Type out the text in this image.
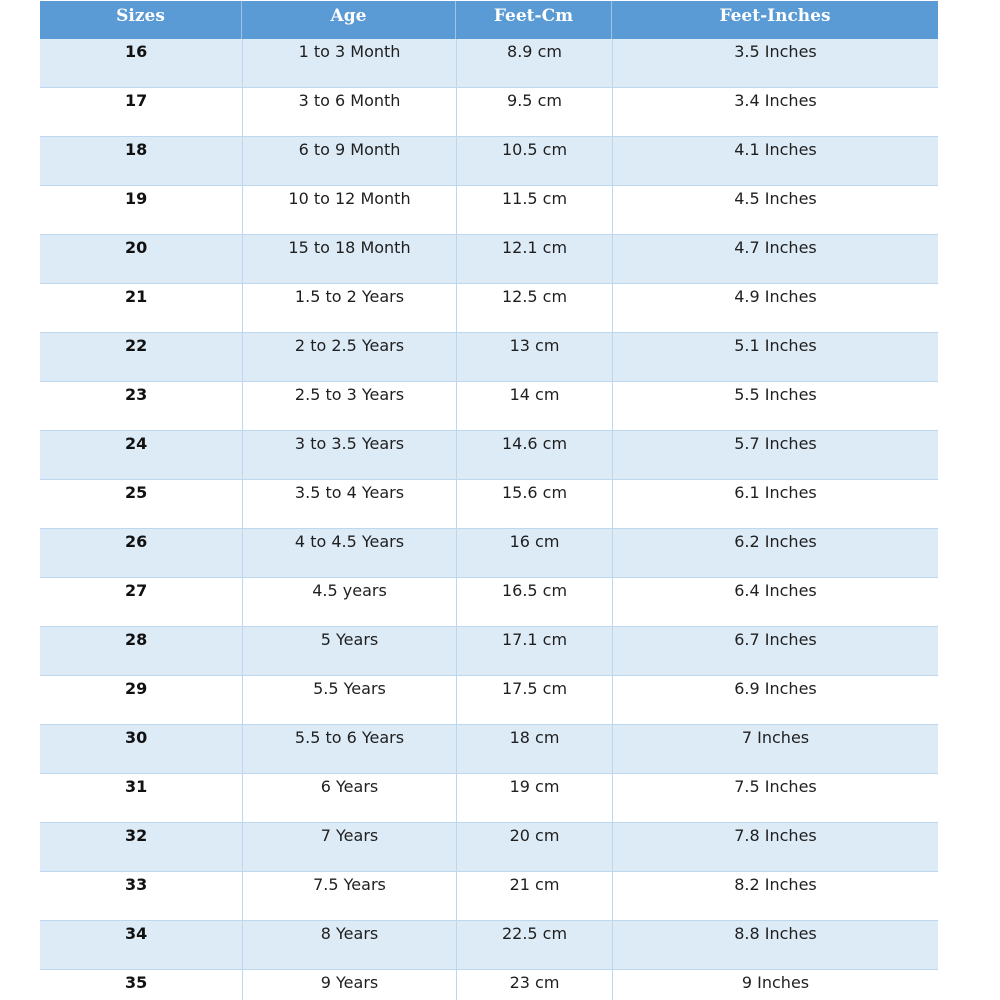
Sizes	Age	Feet-Cm	Feet-Inches
16	1 to 3 Month	8.9 cm	3.5 Inches
17	3 to 6 Month	9.5 cm	3.4 Inches
18	6 to 9 Month	10.5 cm	4.1 Inches
19	10 to 12 Month	11.5 cm	4.5 Inches
20	15 to 18 Month	12.1 cm	4.7 Inches
21	1.5 to 2 Years	12.5 cm	4.9 Inches
22	2 to 2.5 Years	13 cm	5.1 Inches
23	2.5 to 3 Years	14 cm	5.5 Inches
24	3 to 3.5 Years	14.6 cm	5.7 Inches
25	3.5 to 4 Years	15.6 cm	6.1 Inches
26	4 to 4.5 Years	16 cm	6.2 Inches
27	4.5 years	16.5 cm	6.4 Inches
28	5 Years	17.1 cm	6.7 Inches
29	5.5 Years	17.5 cm	6.9 Inches
30	5.5 to 6 Years	18 cm	7 Inches
31	6 Years	19 cm	7.5 Inches
32	7 Years	20 cm	7.8 Inches
33	7.5 Years	21 cm	8.2 Inches
34	8 Years	22.5 cm	8.8 Inches
35	9 Years	23 cm	9 Inches
